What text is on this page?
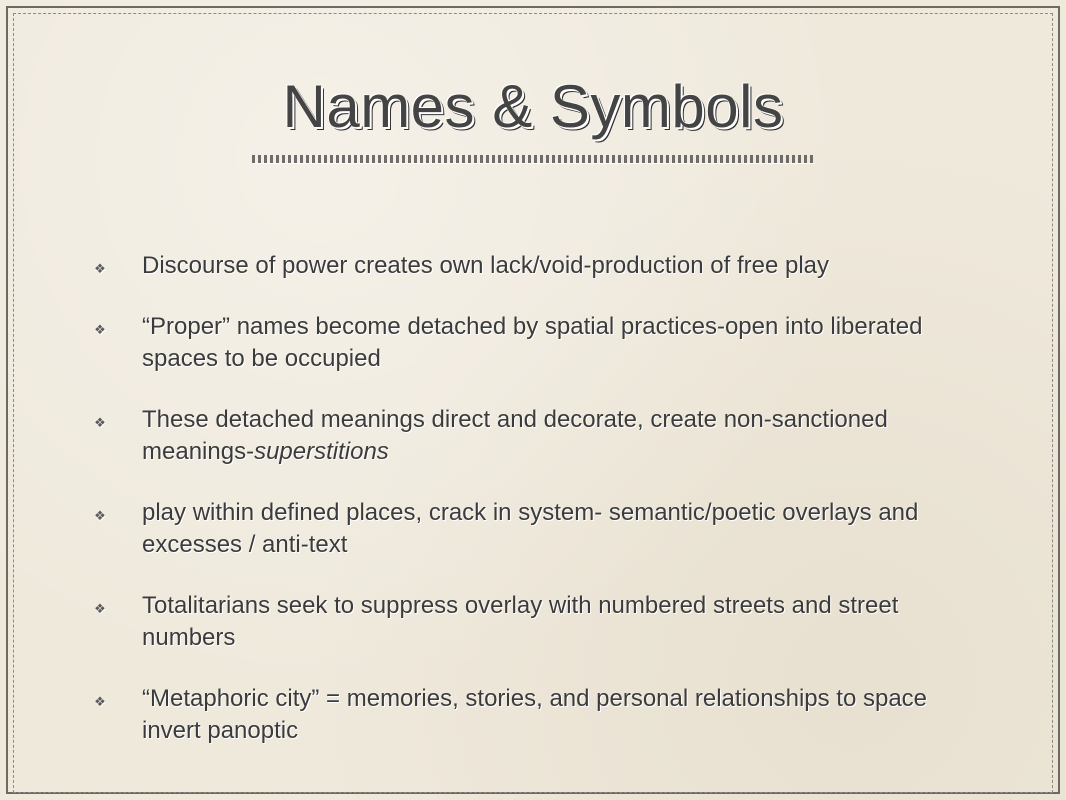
Names & Symbols
❖ Discourse of power creates own lack/void-production of free play
❖ “Proper” names become detached by spatial practices-open into liberated spaces to be occupied
❖ These detached meanings direct and decorate, create non-sanctioned meanings-superstitions
❖ play within defined places, crack in system- semantic/poetic overlays and excesses / anti-text
❖ Totalitarians seek to suppress overlay with numbered streets and street numbers
❖ “Metaphoric city” = memories, stories, and personal relationships to space invert panoptic
